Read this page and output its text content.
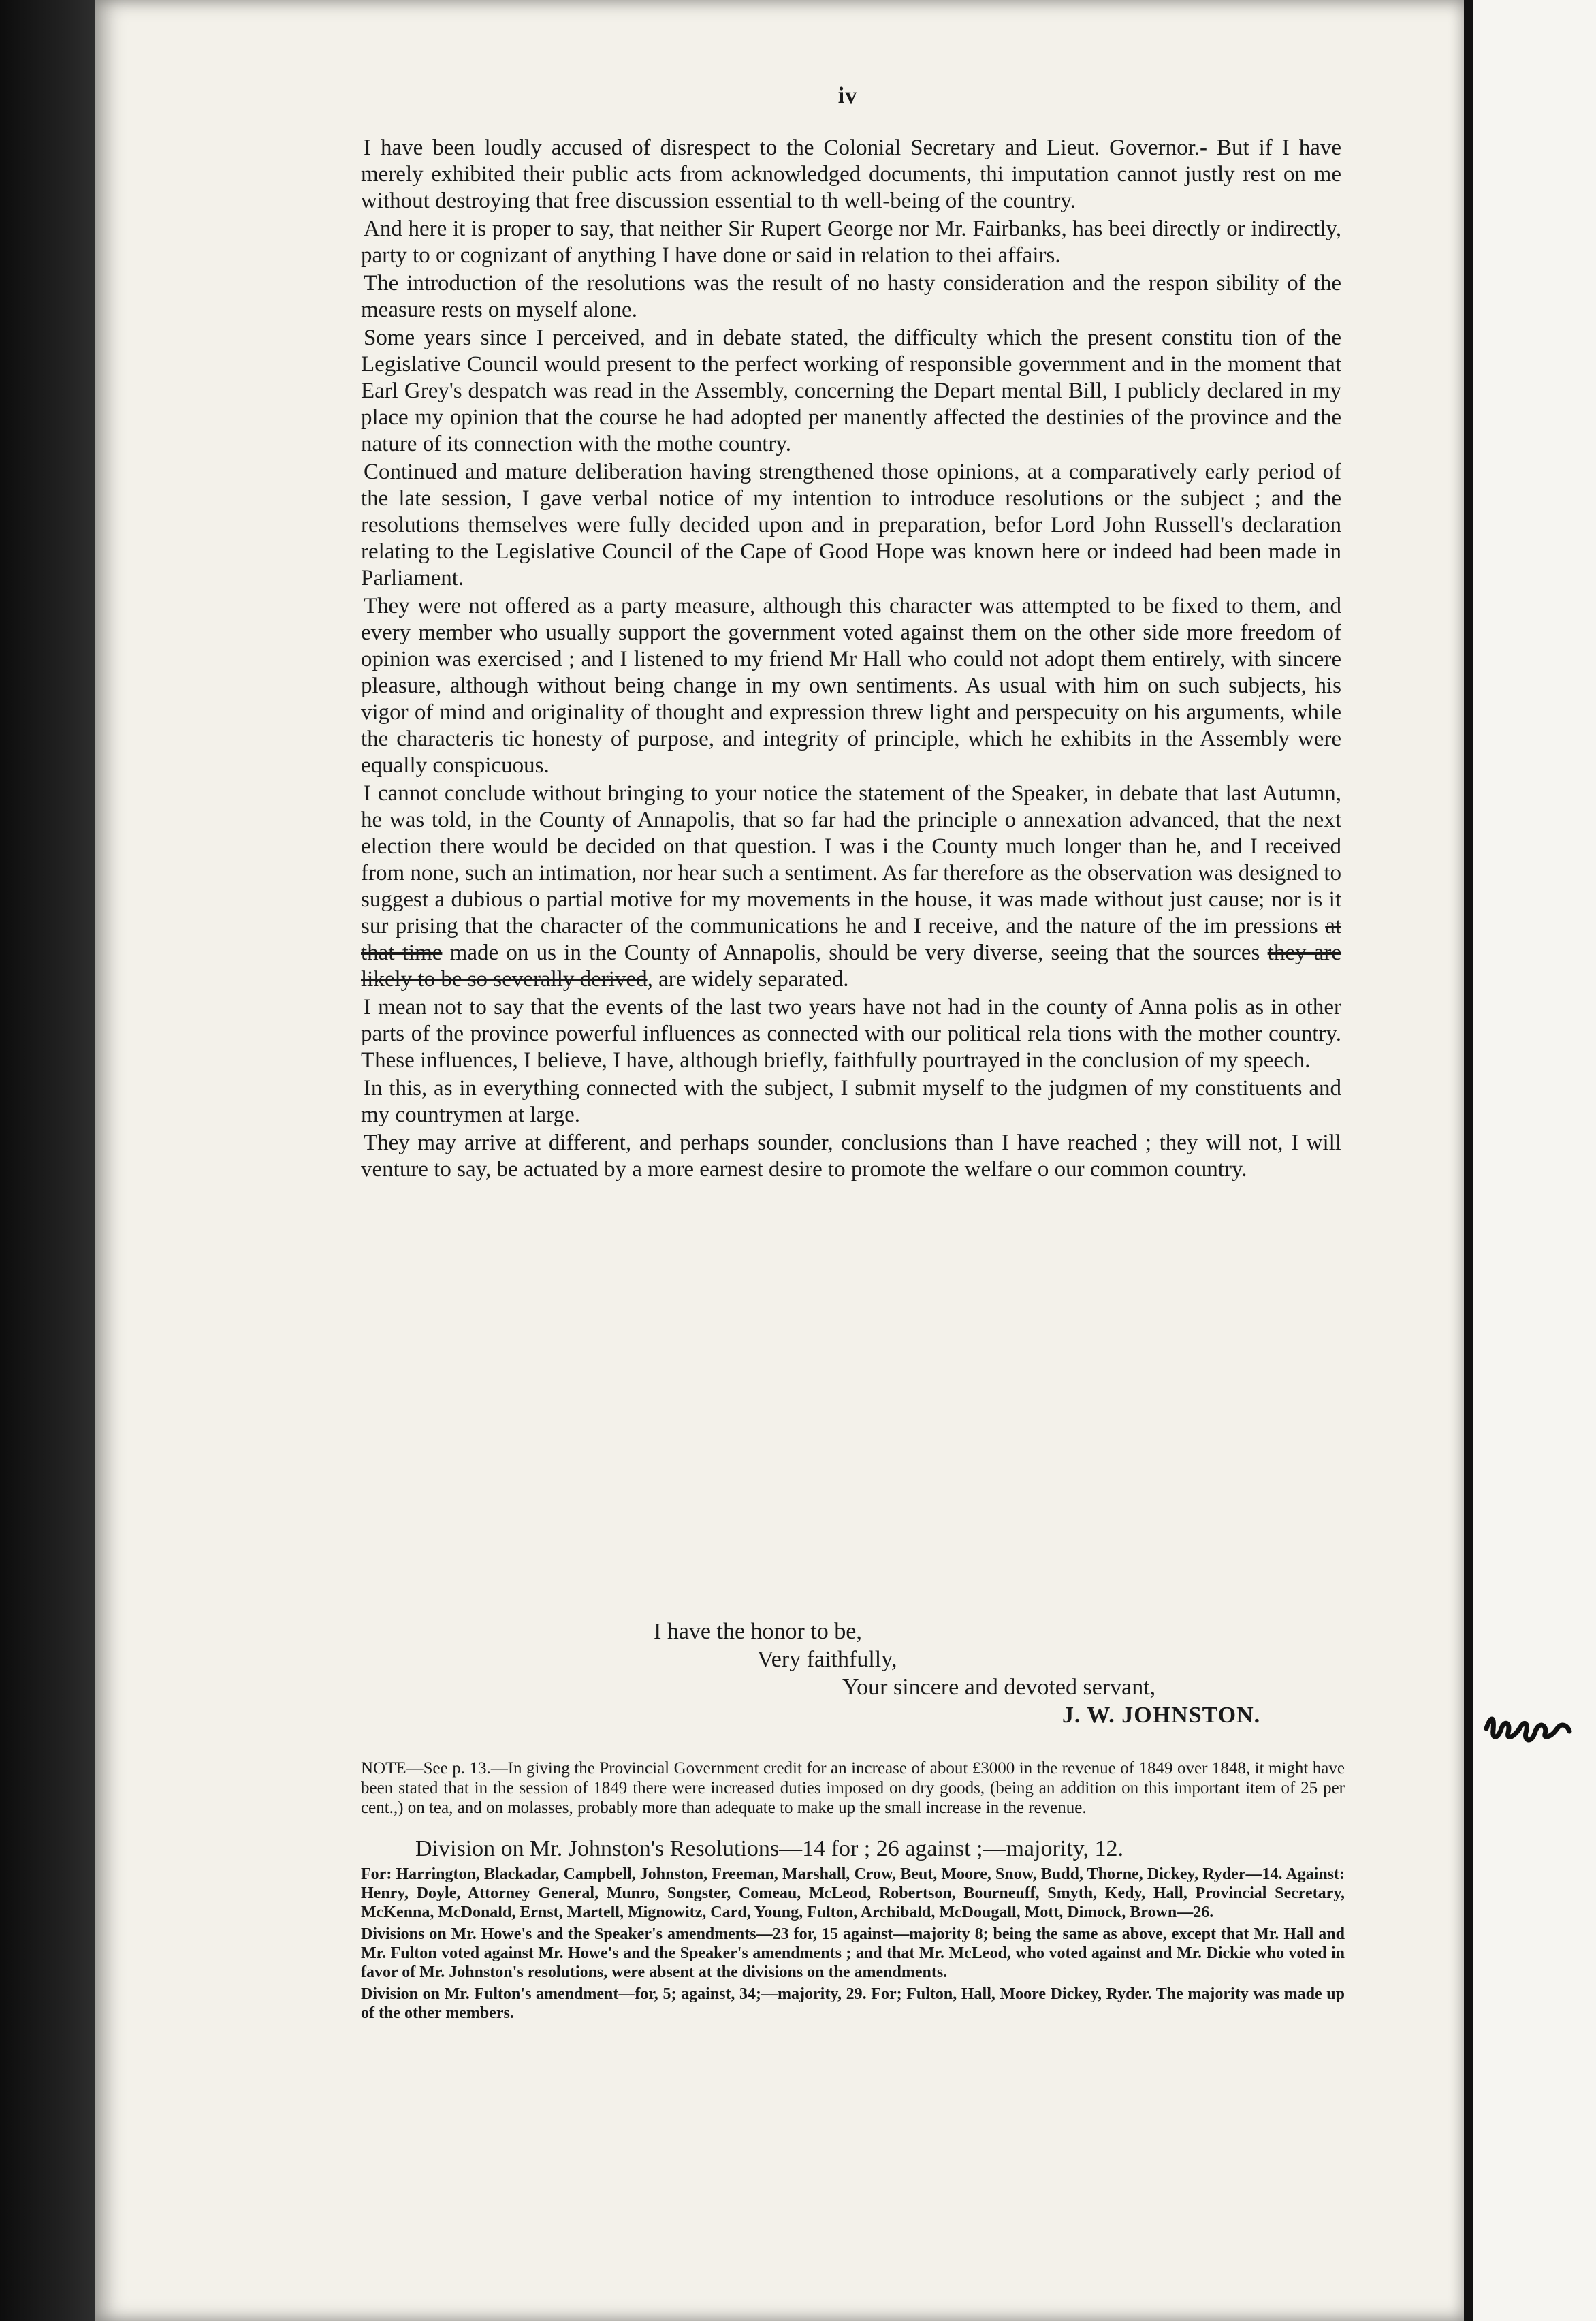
iv

I have been loudly accused of disrespect to the Colonial Secretary and Lieut. Governor.- But if I have merely exhibited their public acts from acknowledged documents, thi imputation cannot justly rest on me without destroying that free discussion essential to th well-being of the country.

And here it is proper to say, that neither Sir Rupert George nor Mr. Fairbanks, has beei directly or indirectly, party to or cognizant of anything I have done or said in relation to thei affairs.

The introduction of the resolutions was the result of no hasty consideration and the respon sibility of the measure rests on myself alone.

Some years since I perceived, and in debate stated, the difficulty which the present constitu tion of the Legislative Council would present to the perfect working of responsible government and in the moment that Earl Grey's despatch was read in the Assembly, concerning the Depart mental Bill, I publicly declared in my place my opinion that the course he had adopted per manently affected the destinies of the province and the nature of its connection with the mothe country.

Continued and mature deliberation having strengthened those opinions, at a comparatively early period of the late session, I gave verbal notice of my intention to introduce resolutions or the subject ; and the resolutions themselves were fully decided upon and in preparation, befor Lord John Russell's declaration relating to the Legislative Council of the Cape of Good Hope was known here or indeed had been made in Parliament.

They were not offered as a party measure, although this character was attempted to be fixed to them, and every member who usually support the government voted against them on the other side more freedom of opinion was exercised ; and I listened to my friend Mr Hall who could not adopt them entirely, with sincere pleasure, although without being change in my own sentiments. As usual with him on such subjects, his vigor of mind and originality of thought and expression threw light and perspecuity on his arguments, while the characteris tic honesty of purpose, and integrity of principle, which he exhibits in the Assembly were equally conspicuous.

I cannot conclude without bringing to your notice the statement of the Speaker, in debate that last Autumn, he was told, in the County of Annapolis, that so far had the principle o annexation advanced, that the next election there would be decided on that question. I was i the County much longer than he, and I received from none, such an intimation, nor hear such a sentiment. As far therefore as the observation was designed to suggest a dubious o partial motive for my movements in the house, it was made without just cause; nor is it sur prising that the character of the communications he and I receive, and the nature of the im pressions at that time made on us in the County of Annapolis, should be very diverse, seeing that the sources they are likely to be so severally derived, are widely separated.

I mean not to say that the events of the last two years have not had in the county of Anna polis as in other parts of the province powerful influences as connected with our political rela tions with the mother country. These influences, I believe, I have, although briefly, faithfully pourtrayed in the conclusion of my speech.

In this, as in everything connected with the subject, I submit myself to the judgmen of my constituents and my countrymen at large.

They may arrive at different, and perhaps sounder, conclusions than I have reached ; they will not, I will venture to say, be actuated by a more earnest desire to promote the welfare o our common country.

I have the honor to be,
Very faithfully,
Your sincere and devoted servant,
J. W. JOHNSTON.
NOTE—See p. 13.—In giving the Provincial Government credit for an increase of about £3000 in the revenue of 1849 over 1848, it might have been stated that in the session of 1849 there were increased duties imposed on dry goods, (being an addition on this important item of 25 per cent.,) on tea, and on molasses, probably more than adequate to make up the small increase in the revenue.
Division on Mr. Johnston's Resolutions—14 for ; 26 against ;—majority, 12.

For: Harrington, Blackadar, Campbell, Johnston, Freeman, Marshall, Crow, Beut, Moore, Snow, Budd, Thorne, Dickey, Ryder—14. Against: Henry, Doyle, Attorney General, Munro, Songster, Comeau, McLeod, Robertson, Bourneuff, Smyth, Kedy, Hall, Provincial Secretary, McKenna, McDonald, Ernst, Martell, Mignowitz, Card, Young, Fulton, Archibald, McDougall, Mott, Dimock, Brown—26.

Divisions on Mr. Howe's and the Speaker's amendments—23 for, 15 against—majority 8; being the same as above, except that Mr. Hall and Mr. Fulton voted against Mr. Howe's and the Speaker's amendments ; and that Mr. McLeod, who voted against and Mr. Dickie who voted in favor of Mr. Johnston's resolutions, were absent at the divisions on the amendments.

Division on Mr. Fulton's amendment—for, 5; against, 34;—majority, 29. For; Fulton, Hall, Moore Dickey, Ryder. The majority was made up of the other members.
